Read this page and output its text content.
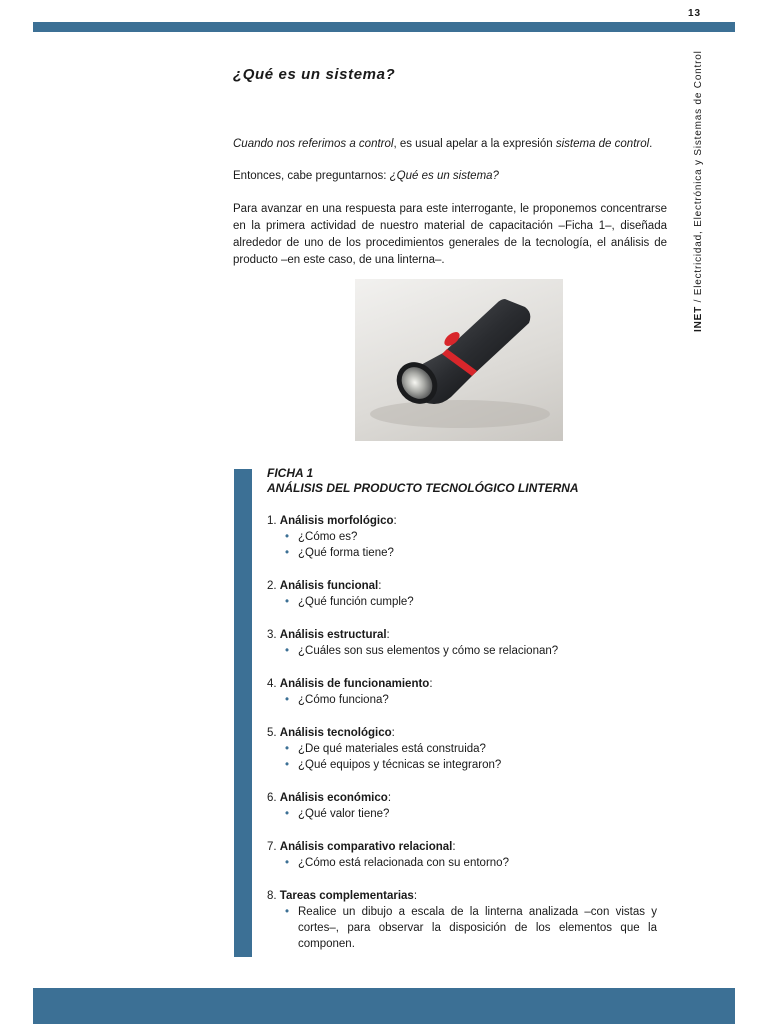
13
INET / Electricidad, Electrónica y Sistemas de Control
¿Qué es un sistema?

Cuando nos referimos a control, es usual apelar a la expresión sistema de control.

Entonces, cabe preguntarnos: ¿Qué es un sistema?

Para avanzar en una respuesta para este interrogante, le proponemos concentrarse en la primera actividad de nuestro material de capacitación –Ficha 1–, diseñada alrededor de uno de los procedimientos generales de la tecnología, el análisis de producto –en este caso, de una linterna–.

FICHA 1
ANÁLISIS DEL PRODUCTO TECNOLÓGICO LINTERNA
1. Análisis morfológico:
• ¿Cómo es?
• ¿Qué forma tiene?
2. Análisis funcional:
• ¿Qué función cumple?
3. Análisis estructural:
• ¿Cuáles son sus elementos y cómo se relacionan?
4. Análisis de funcionamiento:
• ¿Cómo funciona?
5. Análisis tecnológico:
• ¿De qué materiales está construida?
• ¿Qué equipos y técnicas se integraron?
6. Análisis económico:
• ¿Qué valor tiene?
7. Análisis comparativo relacional:
• ¿Cómo está relacionada con su entorno?
8. Tareas complementarias:
• Realice un dibujo a escala de la linterna analizada –con vistas y cortes–, para observar la disposición de los elementos que la componen.
